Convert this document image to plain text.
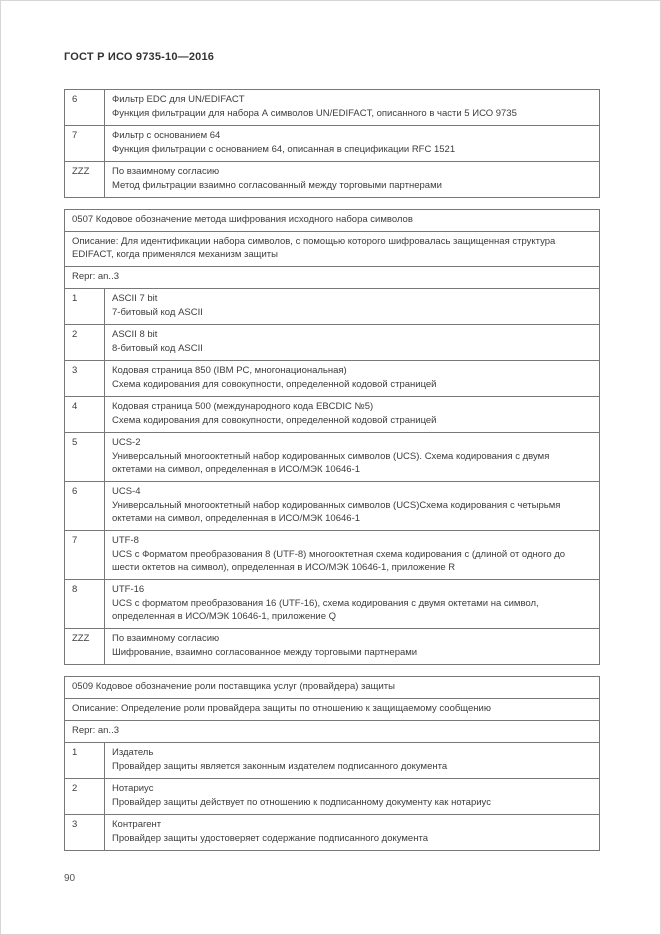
ГОСТ Р ИСО 9735-10—2016
6	Фильтр EDC для UN/EDIFACT
Функция фильтрации для набора А символов UN/EDIFACT, описанного в части 5 ИСО 9735

7	Фильтр с основанием 64
Функция фильтрации с основанием 64, описанная в спецификации RFC 1521

ZZZ	По взаимному согласию
Метод фильтрации взаимно согласованный между торговыми партнерами
0507 Кодовое обозначение метода шифрования исходного набора символов	
Описание: Для идентификации набора символов, с помощью которого шифровалась защищенная структура EDIFACT, когда применялся механизм защиты	
Repr: an..3	
1	ASCII 7 bit
7-битовый код ASCII

2	ASCII 8 bit
8-битовый код ASCII

3	Кодовая страница 850 (IBM PC, многонациональная)
Схема кодирования для совокупности, определенной кодовой страницей

4	Кодовая страница 500 (международного кода EBCDIC №5)
Схема кодирования для совокупности, определенной кодовой страницей

5	UCS-2
Универсальный многооктетный набор кодированных символов (UCS). Схема кодирования с двумя октетами на символ, определенная в ИСО/МЭК 10646-1

6	UCS-4
Универсальный многооктетный набор кодированных символов (UCS)Схема кодирования с четырьмя октетами на символ, определенная в ИСО/МЭК 10646-1

7	UTF-8
UCS с Форматом преобразования 8 (UTF-8) многооктетная схема кодирования с (длиной от одного до шести октетов на символ), определенная в ИСО/МЭК 10646-1, приложение R

8	UTF-16
UCS с форматом преобразования 16 (UTF-16), схема кодирования с двумя октетами на символ, определенная в ИСО/МЭК 10646-1, приложение Q

ZZZ	По взаимному согласию
Шифрование, взаимно согласованное между торговыми партнерами
0509 Кодовое обозначение роли поставщика услуг (провайдера) защиты	
Описание: Определение роли провайдера защиты по отношению к защищаемому сообщению	
Repr: an..3	
1	Издатель
Провайдер защиты является законным издателем подписанного документа

2	Нотариус
Провайдер защиты действует по отношению к подписанному документу как нотариус

3	Контрагент
Провайдер защиты удостоверяет содержание подписанного документа
90
